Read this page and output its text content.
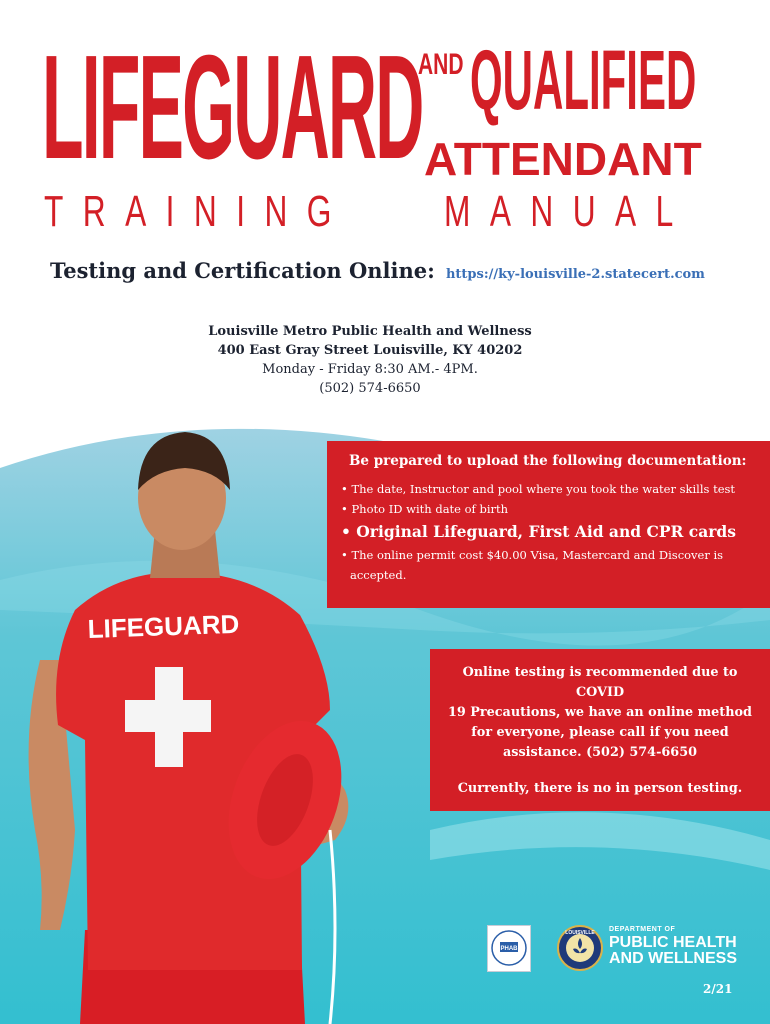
LIFEGUARD
AND QUALIFIED
ATTENDANT
TRAINING MANUAL
Testing and Certification Online: https://ky-louisville-2.statecert.com
Louisville Metro Public Health and Wellness
400 East Gray Street Louisville, KY 40202
Monday - Friday 8:30 AM.- 4PM.
(502) 574-6650
LIFEGUARD
Be prepared to upload the following documentation:
• The date, Instructor and pool where you took the water skills test
• Photo ID with date of birth
• Original Lifeguard, First Aid and CPR cards
• The online permit cost $40.00 Visa, Mastercard and Discover is
accepted.
Online testing is recommended due to COVID
19 Precautions, we have an online method
for everyone, please call if you need
assistance. (502) 574-6650
Currently, there is no in person testing.
PHAB
LOUISVILLE DEPARTMENT OF
PUBLIC HEALTH
AND WELLNESS
2/21
